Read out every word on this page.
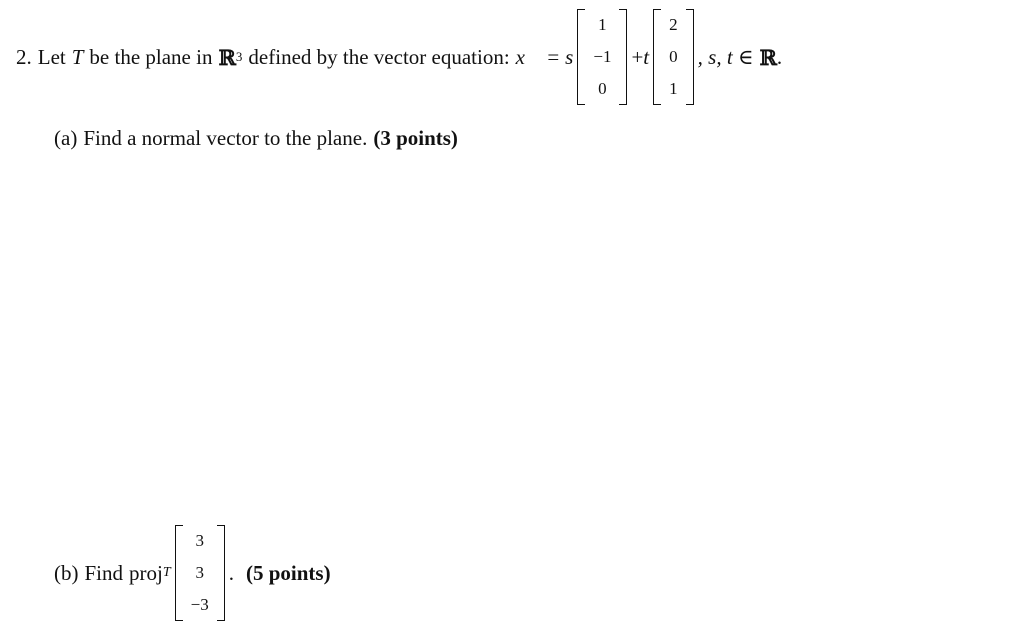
2. Let T be the plane in ℝ 3 defined by the vector equation: x⃗ = s
1
−1
0
+ t
2
0
1
, s, t ∈ ℝ .
(a) Find a normal vector to the plane. (3 points)
(b) Find proj T
3
3
−3
. (5 points)
